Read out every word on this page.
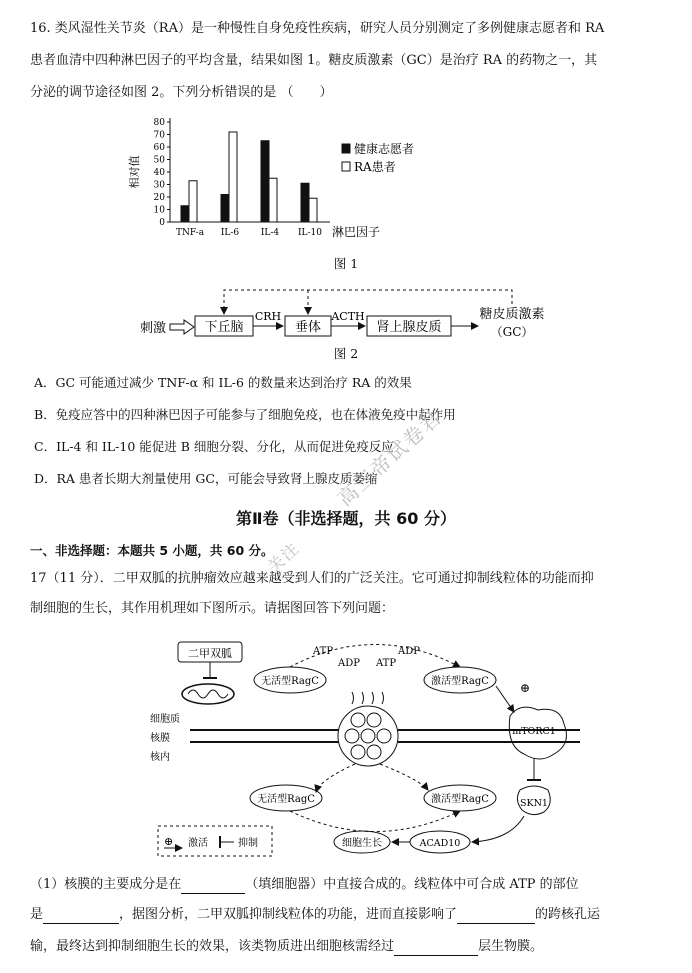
16. 类风湿性关节炎（RA）是一种慢性自身免疫性疾病，研究人员分别测定了多例健康志愿者和 RA
患者血清中四种淋巴因子的平均含量，结果如图 1。糖皮质激素（GC）是治疗 RA 的药物之一，其
分泌的调节途径如图 2。下列分析错误的是 （　　）
0
10
20
30
40
50
60
70
80
相对值
TNF-a IL-6 IL-4 IL-10 淋巴因子
健康志愿者
RA患者
图 1
刺激	下丘脑
CRH
垂体
ACTH
肾上腺皮质
糖皮质激素
（GC）
图 2
A．GC 可能通过减少 TNF-α 和 IL-6 的数量来达到治疗 RA 的效果
B．免疫应答中的四种淋巴因子可能参与了细胞免疫，也在体液免疫中起作用
C．IL-4 和 IL-10 能促进 B 细胞分裂、分化，从而促进免疫反应
D．RA 患者长期大剂量使用 GC，可能会导致肾上腺皮质萎缩
第Ⅱ卷（非选择题，共 60 分）
一、非选择题：本题共 5 小题，共 60 分。
17（11 分）．二甲双胍的抗肿瘤效应越来越受到人们的广泛关注。它可通过抑制线粒体的功能而抑
制细胞的生长，其作用机理如下图所示。请据图回答下列问题：
二甲双胍
细胞质
核膜
核内
无活型RagC	激活型RagC
ATP
ADP ATP
ADP
mTORC1
⊕
无活型RagC	激活型RagC	SKN1
ACAD10
细胞生长
⊕ 激活	抑制
（1）核膜的主要成分是在	（填细胞器）中直接合成的。线粒体中可合成 ATP 的部位
是	，据图分析，二甲双胍抑制线粒体的功能，进而直接影响了	的跨核孔运
输，最终达到抑制细胞生长的效果，该类物质进出细胞核需经过	层生物膜。
高三帝试卷君
关注
